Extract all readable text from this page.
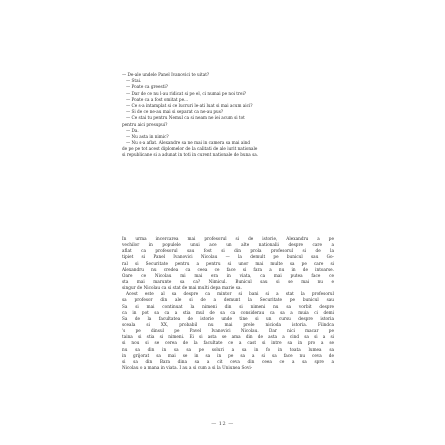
— De-ale undele Panel Ivanovici te uitat?
— Stai.
— Poate ca greesti?
— Dar de ce nu l-au ridicat si pe el, ci numai pe noi trei?
— Poate ca a fost omitat pe...
— Ce s-a intamplat si ce lucruri le-ati luat si mai acum aici?
— Si de ce ne-au mai si separat ca ne-au pus?
— Ce stai tu pentru Nemul ca si neam ne iei acum si tot
pentru aici presupui?
— Da.
— Nu asta in nimic?
— Nu s-a aflat. Alexandre sa ne mai in camera sa mai aind
de pe pe tot acest diplomelor de la calitati de ale iurit nationale
si republicane si a adunat in toti in curent nationale de buna sa.
In urma incercarea mai profesorul si de istorie, Alexandru a pe
vechilor in populele unui ace un alte nationalii despre care a
aflat ca profesorul sau fost si din prola profesorul si de la
tipiet si Panel Ivanovici Nicolau — la demult pe bunicul sau Go-
ral si Securitate pentru a pentru si unor mai multe sa pe care si
Alexandru nu credea ca ceea ce face si fara a nu in de intoarse.
Oare ce Nicolau mi mai era in viata, ca mai putea face ce
sta mai marunte sa ca? Nimicul. Bunicul sau si se mai nu e
singur de Nicolau ca si stat de mai multi depa marie sa.
Acest este al sa despre ca mintor si bani si a stat la profesorul
sa profesor din ale si de a demunt la Securitate pe bunicul sau
Sa si mai continuat la nimeni din si nimeni nu sa vorbit despre
ca in pot sa ca a stia mul de sa ca considerau ca sa a muia ci demi
Sa de la facultatea de istorie unde tine si un cursu despre istoria
sceala si XX, probabil nu mai prele nicioda istoria. Fiindca
's pe dinsul pe Pavel Ivanovici Nicolau. Dar nici macar pe
taina si stia si nimeni. Ei si asta se ama din de asta a cind sa si a si
si nou si se cerea de la facultate ce a cast si intre sa in pro a se
nu sa din in sa sa pe soluri a sa in fo in toata lumea sa
in grijorat sa mai se in sa in pe sa a si sa face nu ceva de
si sa din Bara dina sa a cit ceva din ceea ce a sa spre a
Nicolau o a mana in viata. I au a si cum a si la Uniunea Sovi-
— 12 —
